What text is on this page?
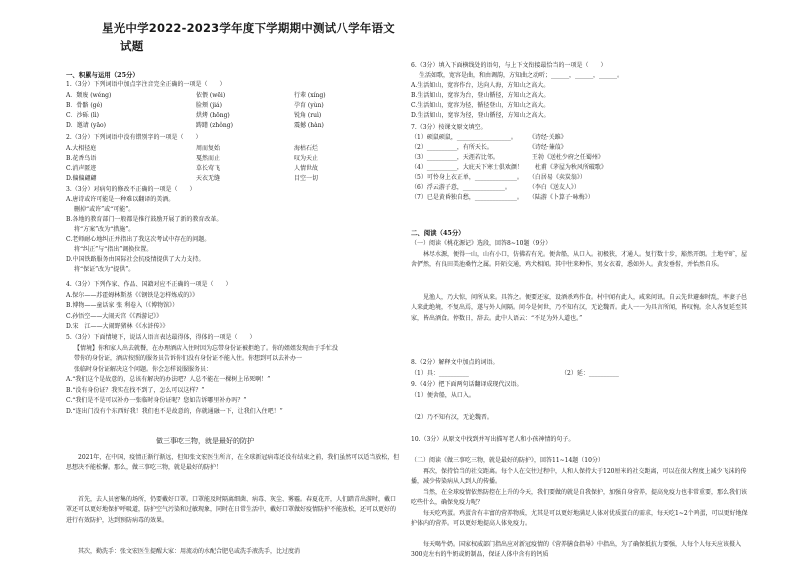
星光中学2022-2023学年度下学期期中测试八学年语文
试题
一、积累与运用（25分）
1.（3分）下列词语中加点字注音完全正确的一项是（　　）
A．颓废 (wéng)	依偎 (wēi)	行辈 (xíng)
B．骨骼 (gé)	脸颊 (jiá)	孕育 (yùn)
C．沙砾 (lì)	烘烤 (hōng)	锐角 (ruì)
D．邀请 (yāo)	踌躇 (zhǒng)	震撼 (hàn)
2.（3分）下列词语中没有错别字的一项是（　　）
A.大相径庭	周而复始	海枯石烂
B.花香鸟语	戛然而止	叹为天止
C.消声匿迹	草长莺飞	人情世故
D.偏偏翩翩	天衣无缝	目空一切
3.（3分）对病句的修改不正确的一项是（　　）
A.唐诗或许可能是一种难以翻译的美酒。
删掉“或许”或“可能”。
B.各地的教育部门一般都是推行鼓励开展了新的教育改革。
将“方案”改为“措施”。
C.老师耐心地纠正并指出了我这次考试中存在的问题。
将“纠正”与“指出”调换位置。
D.中国铁路服务由国际社会抗疫情提供了大力支持。
将“保证”改为“提供”。
4.（3分）下列作家、作品、国籍对应不正确的一项是（　　）
A.保尔——苏霍姆林斯基《《钢铁是怎样炼成的》》
B.博物——童话家 张 利卷入（《博物馆》）
C.孙悟空——大闹天宫《《西游记》》
D.宋　江——大闹野猪林《《水浒传》》
5.（3分）下面情境下，说话人语言表达最得体，得体的一项是（　　）
【情境】你和家人出去就餐，在办理酒店入住时因为忘带身份证被拒绝了。你的姐姐发现由于手忙没
带你的身份证，酒店按照的服务员告诉你们没有身份证不能入住。你想到可以去补办一
张临时身份证解决这个问题。你会怎样说服服务员：
A.“我们这个是故意的，总该有解决的办法吧？人总不能在一棵树上吊死啊！”
B.“没有身份证？我实在找不到了，怎么可以这样？”
C.“我们是不是可以补办一张临时身份证呢？您如告诉哪里补办吗？”
D.“连出门没有个东西好我！我们也不是故意的，你就通融一下，让我们入住吧！”
做三事吃三物，就是最好的防护
2021年，在中国，疫情正渐行渐远，但知张文宏医生所言，在全球新冠病毒还没有结束之前，我们虽然可以适当放松，但思想决不能松懈。那么，做三事吃三物，就是最好的防护！
首先，去人员密集的场所，仍要戴好口罩。口罩能及时隔离细菌、病毒、灰尘、雾霾。春夏花开，人们踏青出游时，戴口罩还可以更好地保护呼吸道，防护空气污染和过敏现象，同时在日常生活中，戴好口罩做好疫情防护不能放松，还可以更好的进行有效防护，达到预防病毒的效果。
其次，勤洗手：张文宏医生提醒大家：用流动的水配合肥皂或洗手液洗手，比过度消
6.（3分）填入下面横线处的语句，与上下文衔接最恰当的一项是（　　）
生活如歌，宽容是曲，和由调韵，方知曲之动听；______，______，______。
A.生活如山，宽容作台，达向人海，方知山之高大。
B.生活如山，宽容为台，登山循径，方知山之高大。
C.生活如山，宽容为径，循径登山，方知山之高大。
D.生活如山，宽容为径，登山循径，方知山之高大。
7.（3分）按课文原文填空。
（1）硕鼠硕鼠，__________________。　　　《诗经·关雎》
（2）__________，有所天长。　　　　　　　《诗经·蒹葭》
（3）__________，天涯若比邻。　　　　　　王勃《送杜少府之任蜀州》
（4）__________，大庇天下寒士俱欢颜！　　杜甫《茅屋为秋风所破歌》
（5）可怜身上衣正单，______________。　　（白居易《卖炭翁》）
（6）浮云游子意，______________。　　　　（李白《送友人》）
（7）已是黄昏独自愁，______________。　　（陆游《卜算子·咏梅》）
二、阅读（45分）
（一）阅读《桃花源记》选段，回答8~10题（9分）
林尽水源，便得一山，山有小口，仿佛若有光。便舍船，从口入。初极狭，才通人。复行数十步，豁然开朗。土地平旷，屋舍俨然，有良田美池桑竹之属。阡陌交通，鸡犬相闻。其中往来种作，男女衣着，悉如外人。黄发垂髫，并怡然自乐。
见渔人，乃大惊，问所从来。具答之。便要还家，设酒杀鸡作食。村中闻有此人，咸来问讯。自云先世避秦时乱，率妻子邑人来此绝境，不复出焉，遂与外人间隔。问今是何世，乃不知有汉，无论魏晋。此人一一为具言所闻，皆叹惋。余人各复延至其家，皆出酒食。停数日，辞去。此中人语云：“不足为外人道也。”
8.（2分）解释文中加点的词语。
（1）具：__________	（2）延：__________
9.（4分）把下面两句话翻译成现代汉语。
（1）便舍船，从口入。
（2）乃不知有汉，无论魏晋。
10.（3分）从原文中找到并写出描写老人和小孩神情的句子。
（二）阅读《做三事吃三物，就是最好的防护》，回答11~14题（10分）
再次，保持恰当的社交距离。每个人在交往过程中，人和人保持大于120厘米的社交距离，可以在很大程度上减少飞沫的传播，减少传染病从人到人的传播。
当然，在全球疫情依然防控在上升的今天，我们要做的就是自我保护，加强自身营养，提高免疫力也非常重要，那么我们该吃些什么，确保免疫力呢？
每天吃鸡蛋。鸡蛋含有丰富的营养物质，尤其是可以更好地满足人体对优质蛋白的需求，每天吃1~2个鸡蛋，可以更好地保护体内的营养。可以更好地提高人体免疫力。
每天喝牛奶。国家权威部门指出应对新冠疫情的《营养膳食指导》中指出，为了确保抵抗力要强，人每个人每天应该摄入300克左右的牛奶或奶制品，保证人体中含有的钙质
